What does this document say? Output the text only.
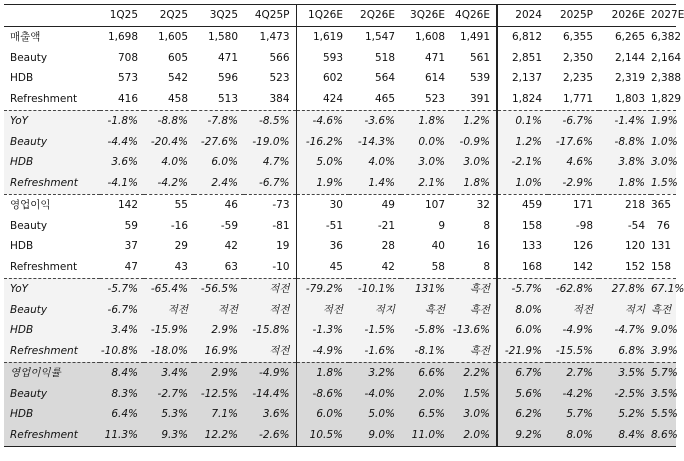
	1Q25	2Q25	3Q25	4Q25P	1Q26E	2Q26E	3Q26E	4Q26E	2024	2025P	2026E	2027E
매출액	1,698	1,605	1,580	1,473	1,619	1,547	1,608	1,491	6,812	6,355	6,265	6,382
Beauty	708	605	471	566	593	518	471	561	2,851	2,350	2,144	2,164
HDB	573	542	596	523	602	564	614	539	2,137	2,235	2,319	2,388
Refreshment	416	458	513	384	424	465	523	391	1,824	1,771	1,803	1,829
YoY	-1.8%	-8.8%	-7.8%	-8.5%	-4.6%	-3.6%	1.8%	1.2%	0.1%	-6.7%	-1.4%	1.9%
Beauty	-4.4%	-20.4%	-27.6%	-19.0%	-16.2%	-14.3%	0.0%	-0.9%	1.2%	-17.6%	-8.8%	1.0%
HDB	3.6%	4.0%	6.0%	4.7%	5.0%	4.0%	3.0%	3.0%	-2.1%	4.6%	3.8%	3.0%
Refreshment	-4.1%	-4.2%	2.4%	-6.7%	1.9%	1.4%	2.1%	1.8%	1.0%	-2.9%	1.8%	1.5%
영업이익	142	55	46	-73	30	49	107	32	459	171	218	365
Beauty	59	-16	-59	-81	-51	-21	9	8	158	-98	-54	76
HDB	37	29	42	19	36	28	40	16	133	126	120	131
Refreshment	47	43	63	-10	45	42	58	8	168	142	152	158
YoY	-5.7%	-65.4%	-56.5%	적전	-79.2%	-10.1%	131%	흑전	-5.7%	-62.8%	27.8%	67.1%
Beauty	-6.7%	적전	적전	적전	적전	적지	흑전	흑전	8.0%	적전	적지	흑전
HDB	3.4%	-15.9%	2.9%	-15.8%	-1.3%	-1.5%	-5.8%	-13.6%	6.0%	-4.9%	-4.7%	9.0%
Refreshment	-10.8%	-18.0%	16.9%	적전	-4.9%	-1.6%	-8.1%	흑전	-21.9%	-15.5%	6.8%	3.9%
영업이익률	8.4%	3.4%	2.9%	-4.9%	1.8%	3.2%	6.6%	2.2%	6.7%	2.7%	3.5%	5.7%
Beauty	8.3%	-2.7%	-12.5%	-14.4%	-8.6%	-4.0%	2.0%	1.5%	5.6%	-4.2%	-2.5%	3.5%
HDB	6.4%	5.3%	7.1%	3.6%	6.0%	5.0%	6.5%	3.0%	6.2%	5.7%	5.2%	5.5%
Refreshment	11.3%	9.3%	12.2%	-2.6%	10.5%	9.0%	11.0%	2.0%	9.2%	8.0%	8.4%	8.6%
